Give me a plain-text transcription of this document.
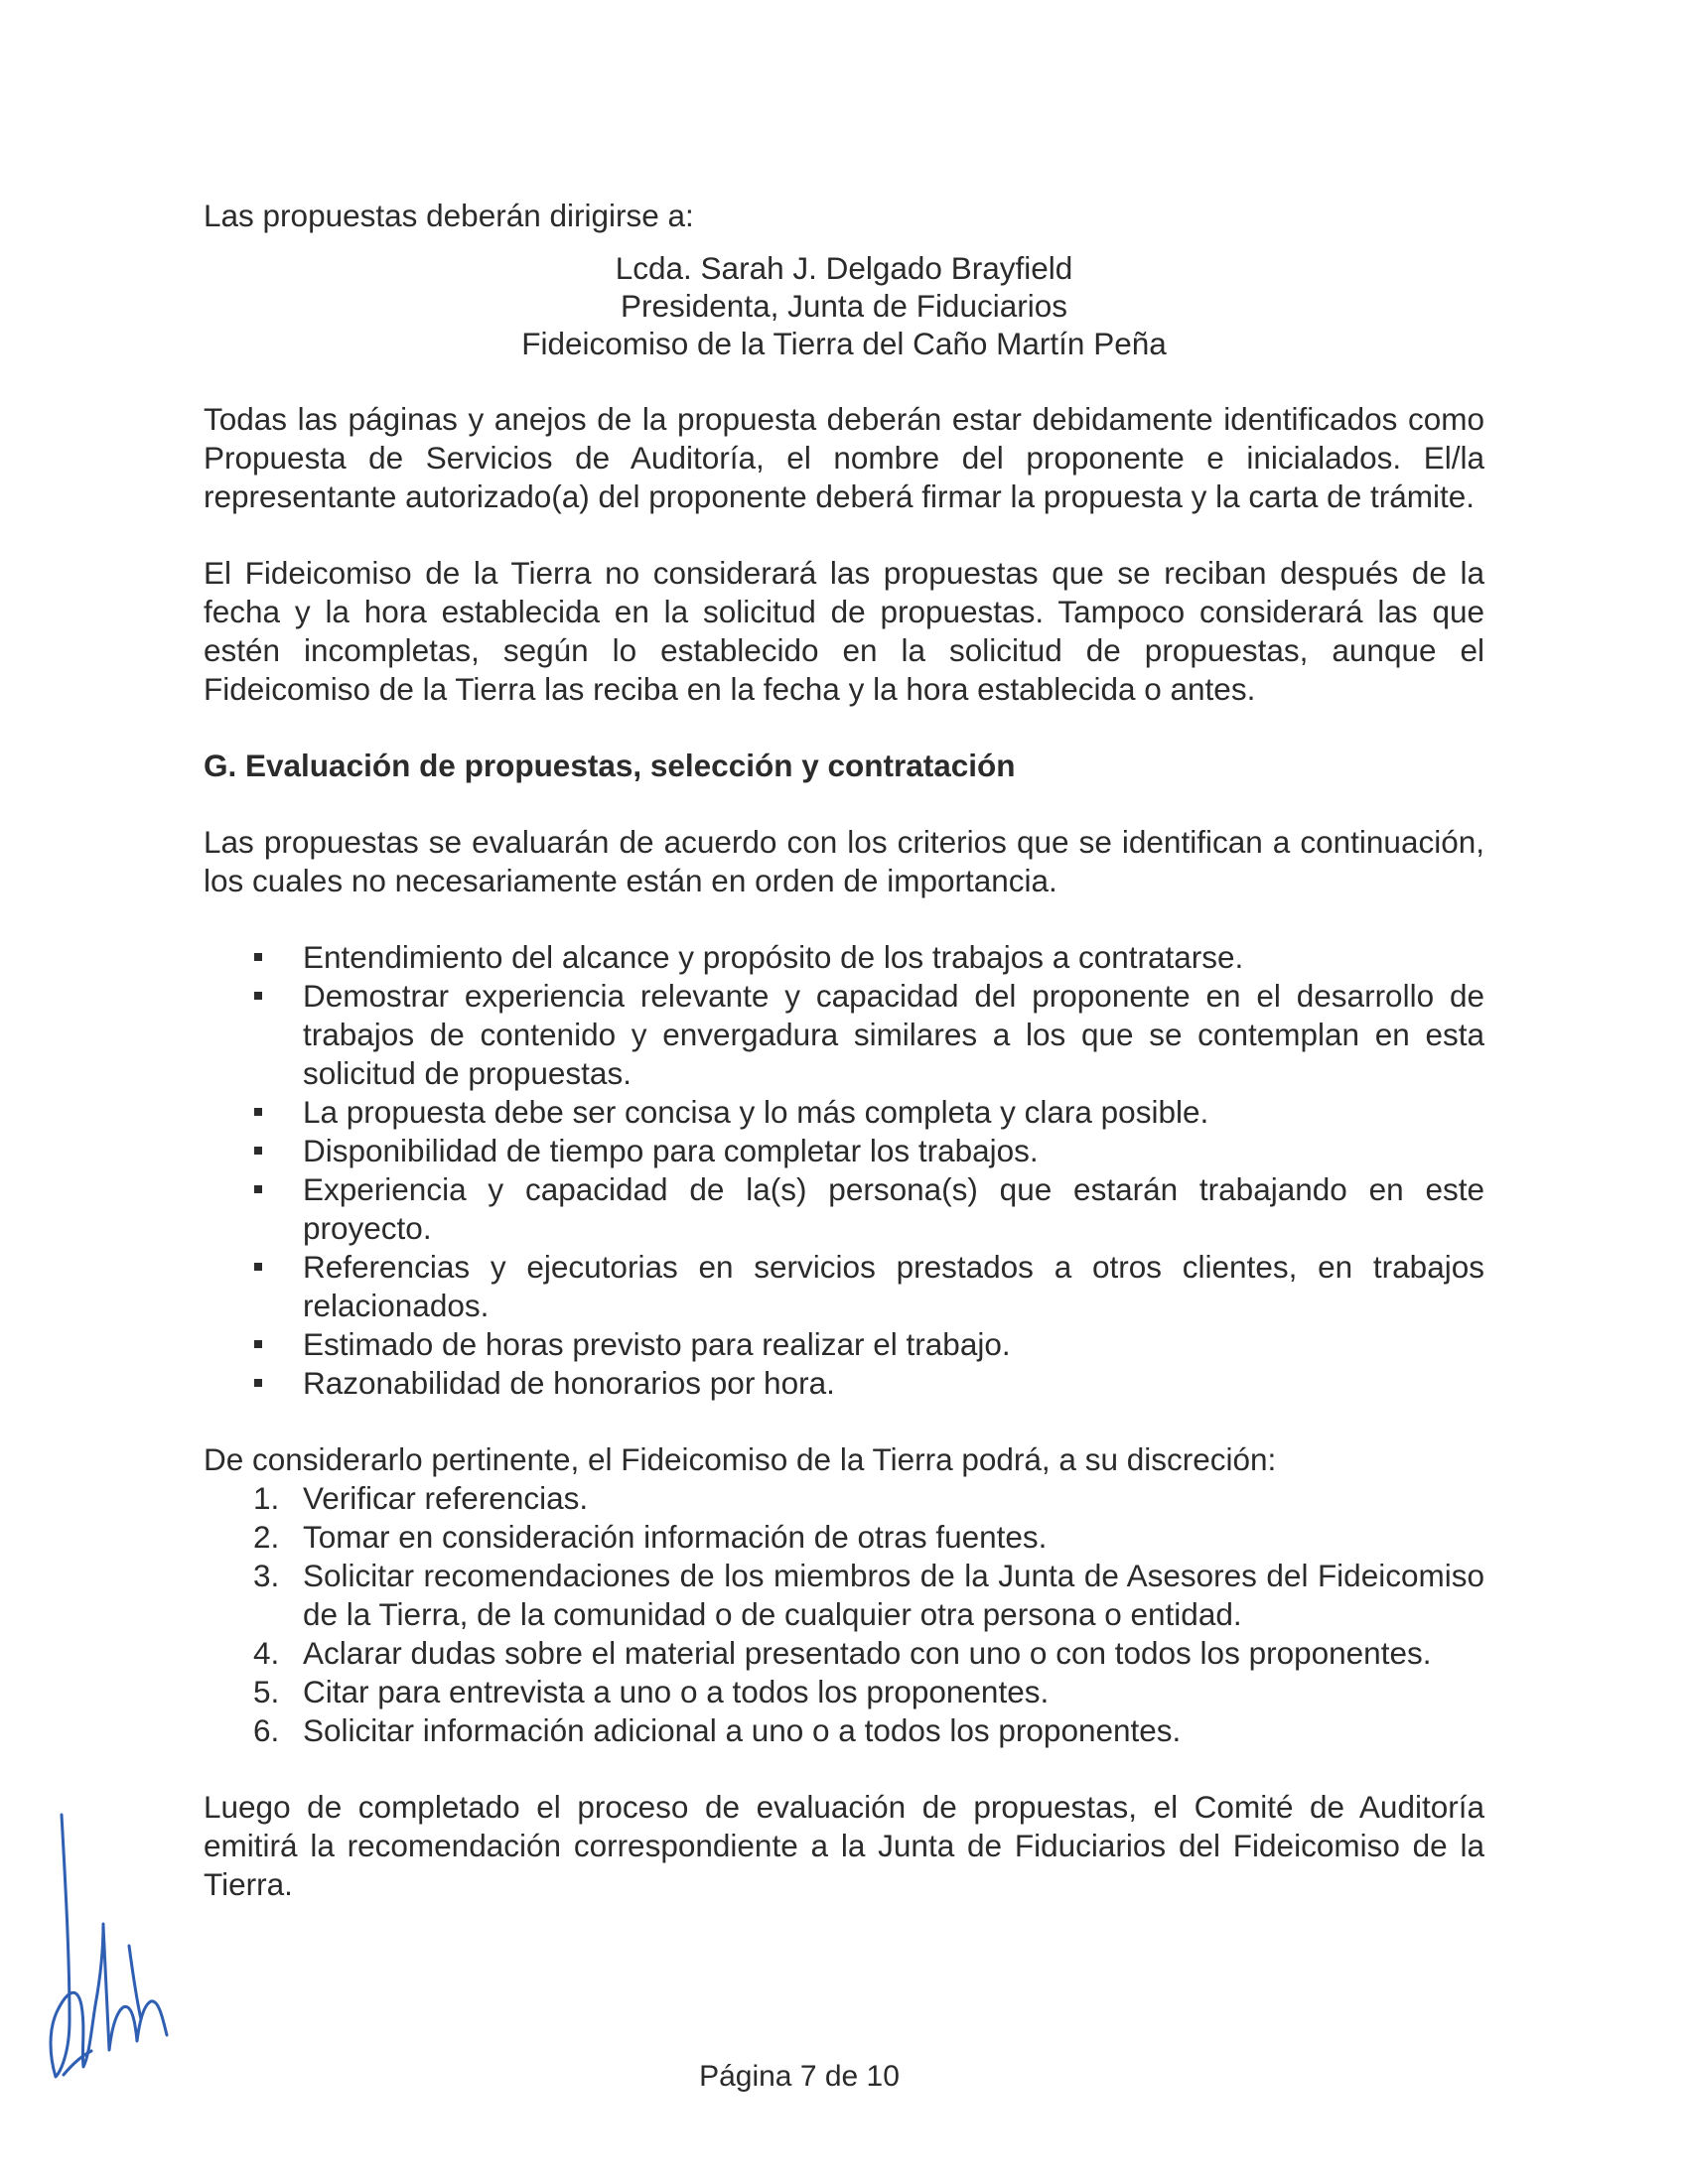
Las propuestas deberán dirigirse a:

Lcda. Sarah J. Delgado Brayfield
Presidenta, Junta de Fiduciarios
Fideicomiso de la Tierra del Caño Martín Peña

Todas las páginas y anejos de la propuesta deberán estar debidamente identificados como Propuesta de Servicios de Auditoría, el nombre del proponente e inicialados. El/la representante autorizado(a) del proponente deberá firmar la propuesta y la carta de trámite.

El Fideicomiso de la Tierra no considerará las propuestas que se reciban después de la fecha y la hora establecida en la solicitud de propuestas. Tampoco considerará las que estén incompletas, según lo establecido en la solicitud de propuestas, aunque el Fideicomiso de la Tierra las reciba en la fecha y la hora establecida o antes.

G. Evaluación de propuestas, selección y contratación

Las propuestas se evaluarán de acuerdo con los criterios que se identifican a continuación, los cuales no necesariamente están en orden de importancia.

Entendimiento del alcance y propósito de los trabajos a contratarse.
Demostrar experiencia relevante y capacidad del proponente en el desarrollo de trabajos de contenido y envergadura similares a los que se contemplan en esta solicitud de propuestas.
La propuesta debe ser concisa y lo más completa y clara posible.
Disponibilidad de tiempo para completar los trabajos.
Experiencia y capacidad de la(s) persona(s) que estarán trabajando en este proyecto.
Referencias y ejecutorias en servicios prestados a otros clientes, en trabajos relacionados.
Estimado de horas previsto para realizar el trabajo.
Razonabilidad de honorarios por hora.

De considerarlo pertinente, el Fideicomiso de la Tierra podrá, a su discreción:

1. Verificar referencias.
2. Tomar en consideración información de otras fuentes.
3. Solicitar recomendaciones de los miembros de la Junta de Asesores del Fideicomiso de la Tierra, de la comunidad o de cualquier otra persona o entidad.
4. Aclarar dudas sobre el material presentado con uno o con todos los proponentes.
5. Citar para entrevista a uno o a todos los proponentes.
6. Solicitar información adicional a uno o a todos los proponentes.

Luego de completado el proceso de evaluación de propuestas, el Comité de Auditoría emitirá la recomendación correspondiente a la Junta de Fiduciarios del Fideicomiso de la Tierra.

Página 7 de 10
